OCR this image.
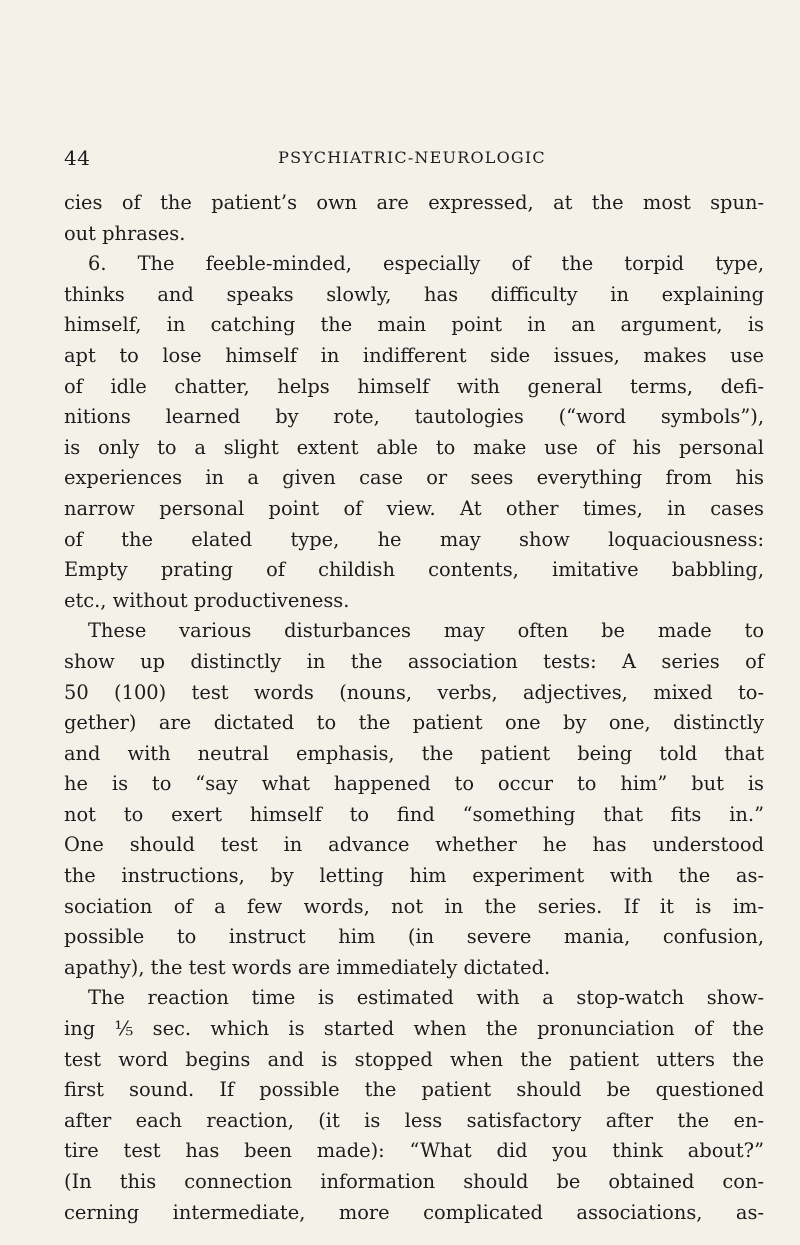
44	PSYCHIATRIC-NEUROLOGIC
cies of the patient’s own are expressed, at the most spun-
out phrases.
6. The feeble-minded, especially of the torpid type,
thinks and speaks slowly, has difficulty in explaining
himself, in catching the main point in an argument, is
apt to lose himself in indifferent side issues, makes use
of idle chatter, helps himself with general terms, defi-
nitions learned by rote, tautologies (“word symbols”),
is only to a slight extent able to make use of his personal
experiences in a given case or sees everything from his
narrow personal point of view. At other times, in cases
of the elated type, he may show loquaciousness:
Empty prating of childish contents, imitative babbling,
etc., without productiveness.
These various disturbances may often be made to
show up distinctly in the association tests: A series of
50 (100) test words (nouns, verbs, adjectives, mixed to-
gether) are dictated to the patient one by one, distinctly
and with neutral emphasis, the patient being told that
he is to “say what happened to occur to him” but is
not to exert himself to find “something that fits in.”
One should test in advance whether he has understood
the instructions, by letting him experiment with the as-
sociation of a few words, not in the series. If it is im-
possible to instruct him (in severe mania, confusion,
apathy), the test words are immediately dictated.
The reaction time is estimated with a stop-watch show-
ing ⅕ sec. which is started when the pronunciation of the
test word begins and is stopped when the patient utters the
first sound. If possible the patient should be questioned
after each reaction, (it is less satisfactory after the en-
tire test has been made): “What did you think about?”
(In this connection information should be obtained con-
cerning intermediate, more complicated associations, as-
